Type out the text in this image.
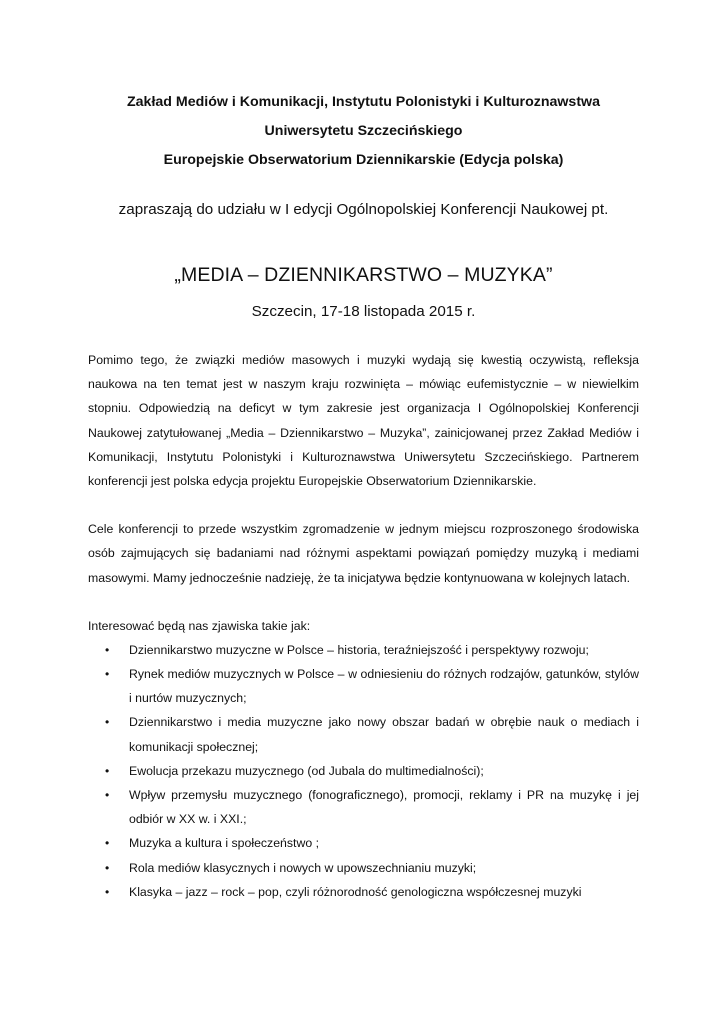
Zakład Mediów i Komunikacji, Instytutu Polonistyki i Kulturoznawstwa

Uniwersytetu Szczecińskiego

Europejskie Obserwatorium Dziennikarskie (Edycja polska)

zapraszają do udziału w I edycji Ogólnopolskiej Konferencji Naukowej pt.

„MEDIA – DZIENNIKARSTWO – MUZYKA”

Szczecin, 17-18 listopada 2015 r.

Pomimo tego, że związki mediów masowych i muzyki wydają się kwestią oczywistą, refleksja naukowa na ten temat jest w naszym kraju rozwinięta – mówiąc eufemistycznie – w niewielkim stopniu. Odpowiedzią na deficyt w tym zakresie jest organizacja I Ogólnopolskiej Konferencji Naukowej zatytułowanej „Media – Dziennikarstwo – Muzyka”, zainicjowanej przez Zakład Mediów i Komunikacji, Instytutu Polonistyki i Kulturoznawstwa Uniwersytetu Szczecińskiego. Partnerem konferencji jest polska edycja projektu Europejskie Obserwatorium Dziennikarskie.

Cele konferencji to przede wszystkim zgromadzenie w jednym miejscu rozproszonego środowiska osób zajmujących się badaniami nad różnymi aspektami powiązań pomiędzy muzyką i mediami masowymi. Mamy jednocześnie nadzieję, że ta inicjatywa będzie kontynuowana w kolejnych latach.

Interesować będą nas zjawiska takie jak:

• Dziennikarstwo muzyczne w Polsce – historia, teraźniejszość i perspektywy rozwoju;
• Rynek mediów muzycznych w Polsce – w odniesieniu do różnych rodzajów, gatunków, stylów i nurtów muzycznych;
• Dziennikarstwo i media muzyczne jako nowy obszar badań w obrębie nauk o mediach i komunikacji społecznej;
• Ewolucja przekazu muzycznego (od Jubala do multimedialności);
• Wpływ przemysłu muzycznego (fonograficznego), promocji, reklamy i PR na muzykę i jej odbiór w XX w. i XXI.;
• Muzyka a kultura i społeczeństwo ;
• Rola mediów klasycznych i nowych w upowszechnianiu muzyki;
• Klasyka – jazz – rock – pop, czyli różnorodność genologiczna współczesnej muzyki
